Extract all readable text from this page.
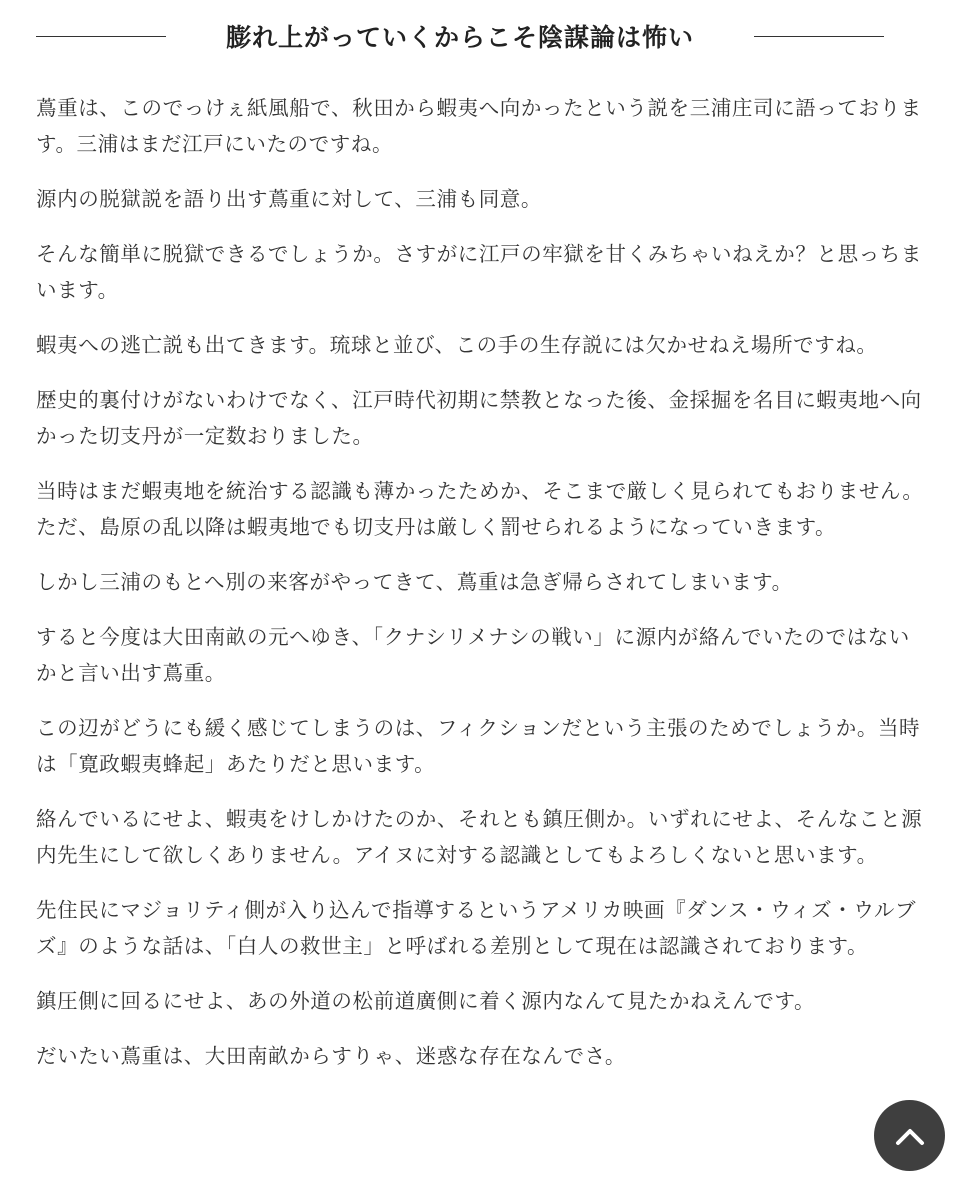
膨れ上がっていくからこそ陰謀論は怖い

蔦重は、このでっけぇ紙風船で、秋田から蝦夷へ向かったという説を三浦庄司に語っております。三浦はまだ江戸にいたのですね。

源内の脱獄説を語り出す蔦重に対して、三浦も同意。

そんな簡単に脱獄できるでしょうか。さすがに江戸の牢獄を甘くみちゃいねえか？と思っちまいます。

蝦夷への逃亡説も出てきます。琉球と並び、この手の生存説には欠かせねえ場所ですね。

歴史的裏付けがないわけでなく、江戸時代初期に禁教となった後、金採掘を名目に蝦夷地へ向かった切支丹が一定数おりました。

当時はまだ蝦夷地を統治する認識も薄かったためか、そこまで厳しく見られてもおりません。ただ、島原の乱以降は蝦夷地でも切支丹は厳しく罰せられるようになっていきます。

しかし三浦のもとへ別の来客がやってきて、蔦重は急ぎ帰らされてしまいます。

すると今度は大田南畝の元へゆき、「クナシリメナシの戦い」に源内が絡んでいたのではないかと言い出す蔦重。

この辺がどうにも緩く感じてしまうのは、フィクションだという主張のためでしょうか。当時は「寛政蝦夷蜂起」あたりだと思います。

絡んでいるにせよ、蝦夷をけしかけたのか、それとも鎮圧側か。いずれにせよ、そんなこと源内先生にして欲しくありません。アイヌに対する認識としてもよろしくないと思います。

先住民にマジョリティ側が入り込んで指導するというアメリカ映画『ダンス・ウィズ・ウルブズ』のような話は、「白人の救世主」と呼ばれる差別として現在は認識されております。

鎮圧側に回るにせよ、あの外道の松前道廣側に着く源内なんて見たかねえんです。

だいたい蔦重は、大田南畝からすりゃ、迷惑な存在なんでさ。
